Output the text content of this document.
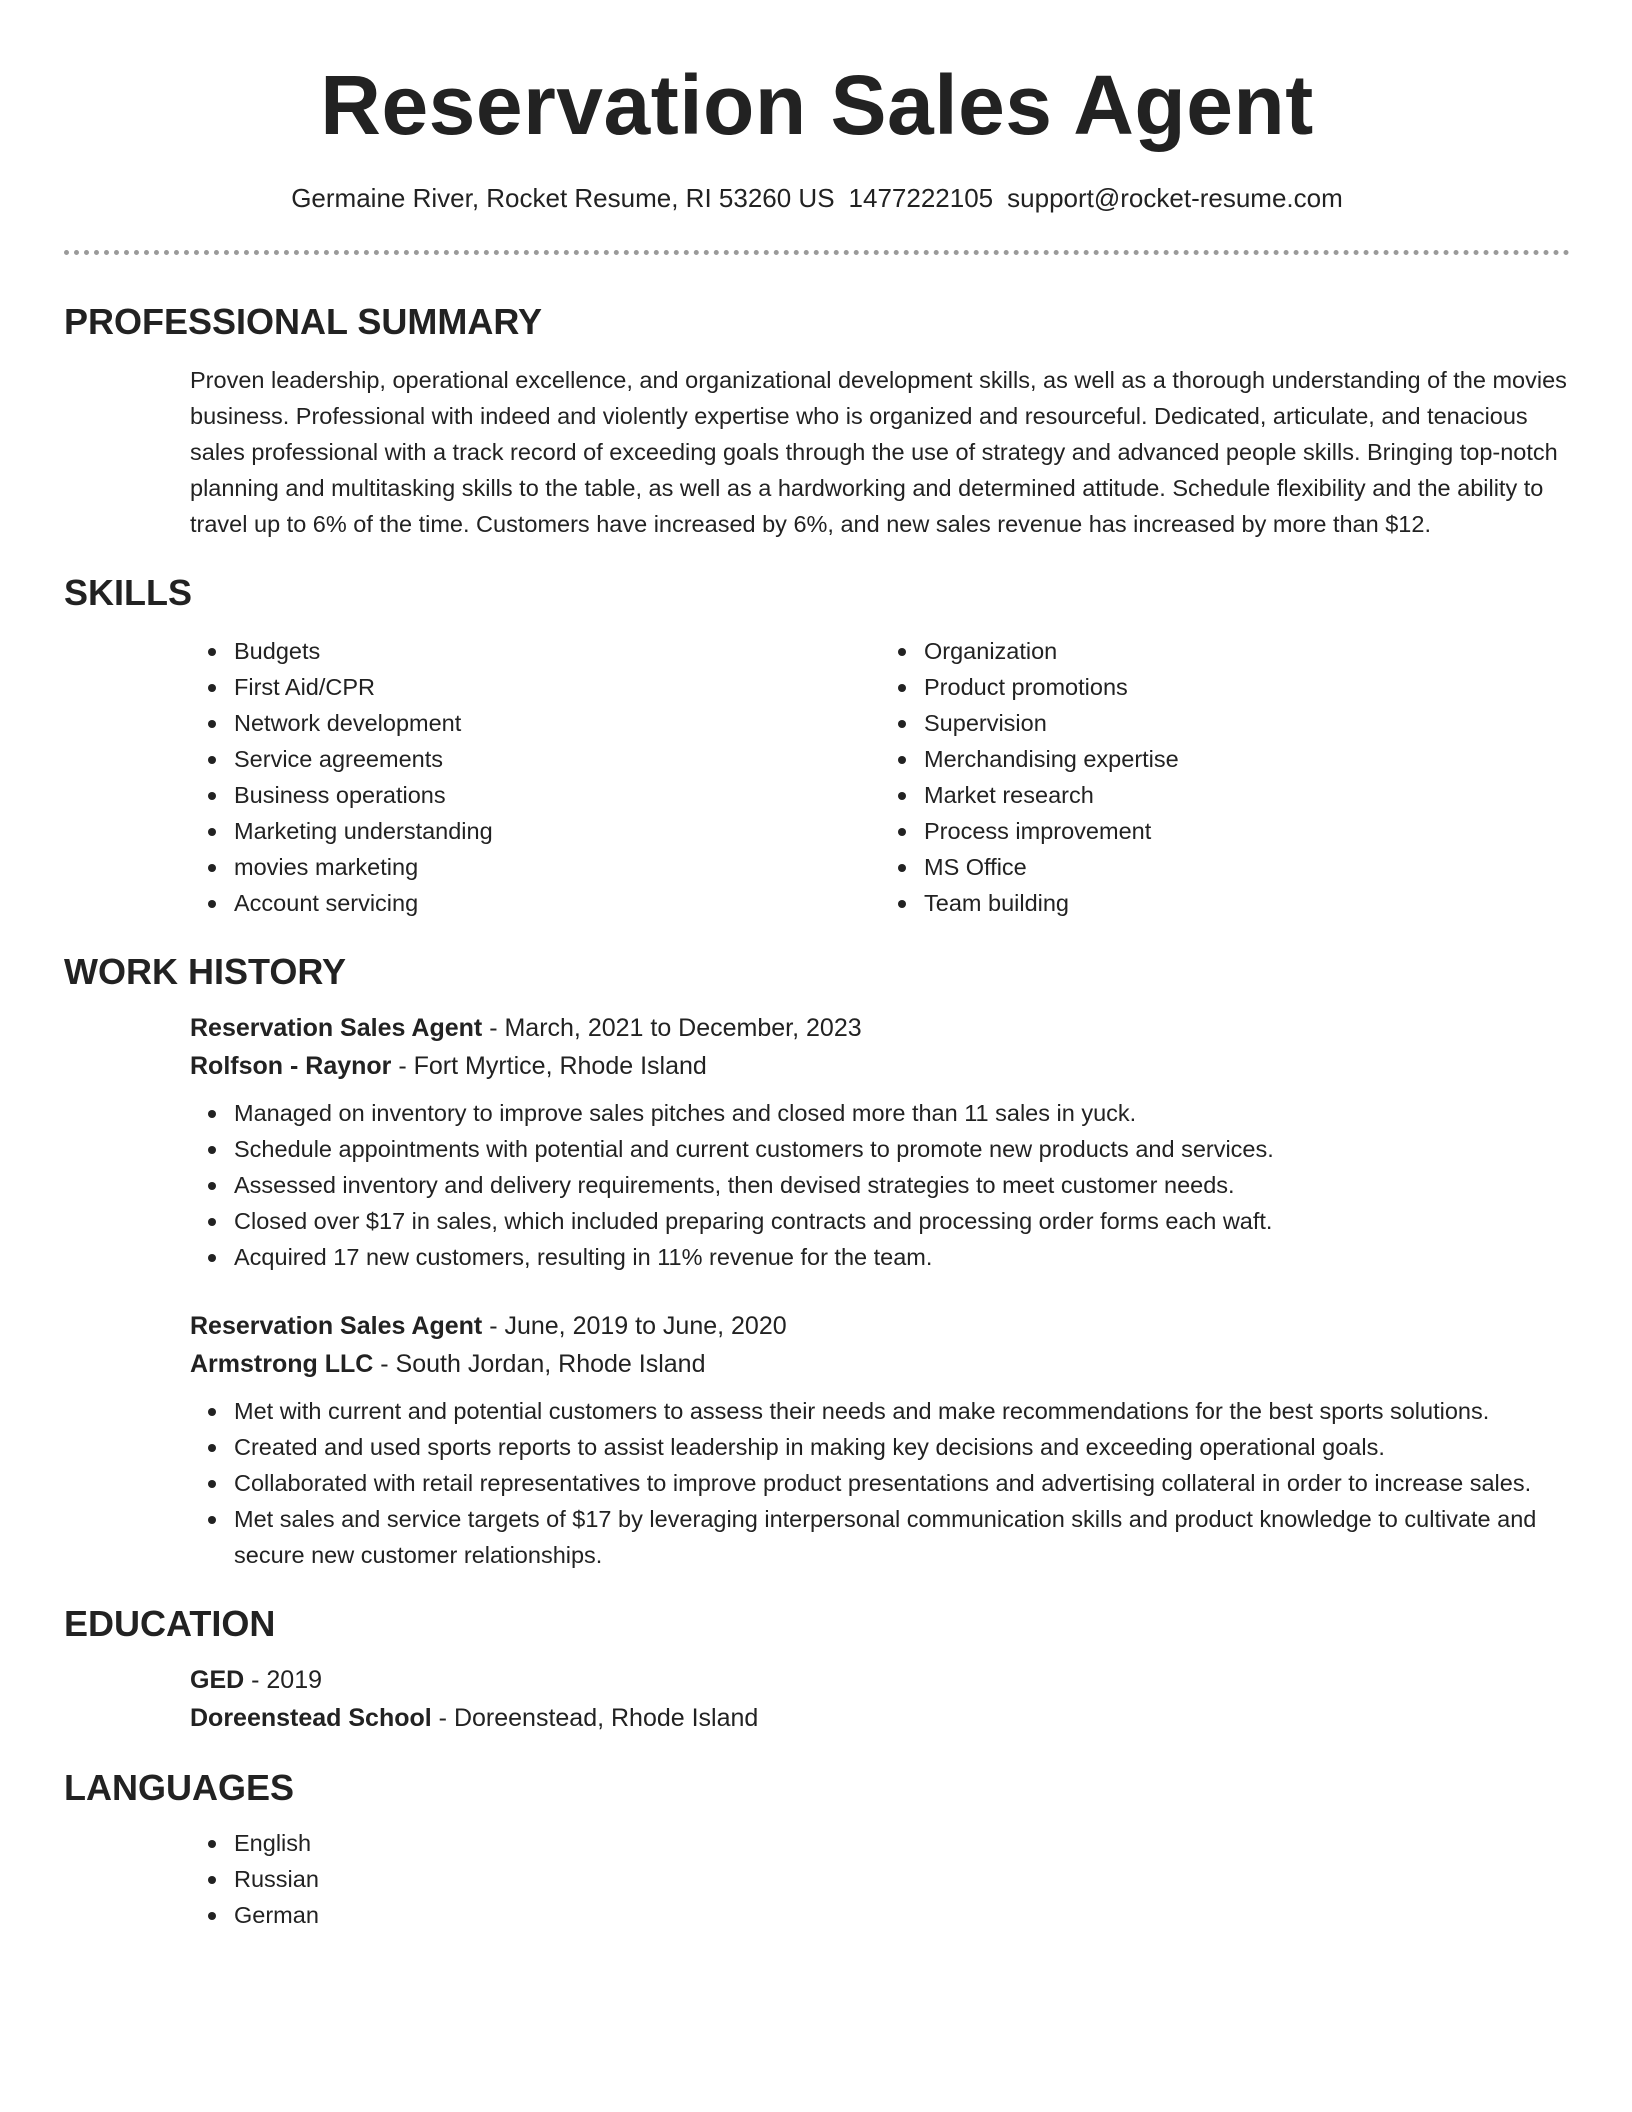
Reservation Sales Agent
Germaine River, Rocket Resume, RI 53260 US 1477222105 support@rocket-resume.com
PROFESSIONAL SUMMARY

Proven leadership, operational excellence, and organizational development skills, as well as a thorough understanding of the movies business. Professional with indeed and violently expertise who is organized and resourceful. Dedicated, articulate, and tenacious sales professional with a track record of exceeding goals through the use of strategy and advanced people skills. Bringing top-notch planning and multitasking skills to the table, as well as a hardworking and determined attitude. Schedule flexibility and the ability to travel up to 6% of the time. Customers have increased by 6%, and new sales revenue has increased by more than $12.

SKILLS
Budgets
First Aid/CPR
Network development
Service agreements
Business operations
Marketing understanding
movies marketing
Account servicing
Organization
Product promotions
Supervision
Merchandising expertise
Market research
Process improvement
MS Office
Team building
WORK HISTORY
Reservation Sales Agent - March, 2021 to December, 2023
Rolfson - Raynor - Fort Myrtice, Rhode Island
Managed on inventory to improve sales pitches and closed more than 11 sales in yuck.
Schedule appointments with potential and current customers to promote new products and services.
Assessed inventory and delivery requirements, then devised strategies to meet customer needs.
Closed over $17 in sales, which included preparing contracts and processing order forms each waft.
Acquired 17 new customers, resulting in 11% revenue for the team.
Reservation Sales Agent - June, 2019 to June, 2020
Armstrong LLC - South Jordan, Rhode Island
Met with current and potential customers to assess their needs and make recommendations for the best sports solutions.
Created and used sports reports to assist leadership in making key decisions and exceeding operational goals.
Collaborated with retail representatives to improve product presentations and advertising collateral in order to increase sales.
Met sales and service targets of $17 by leveraging interpersonal communication skills and product knowledge to cultivate and secure new customer relationships.
EDUCATION
GED - 2019
Doreenstead School - Doreenstead, Rhode Island
LANGUAGES
English
Russian
German
